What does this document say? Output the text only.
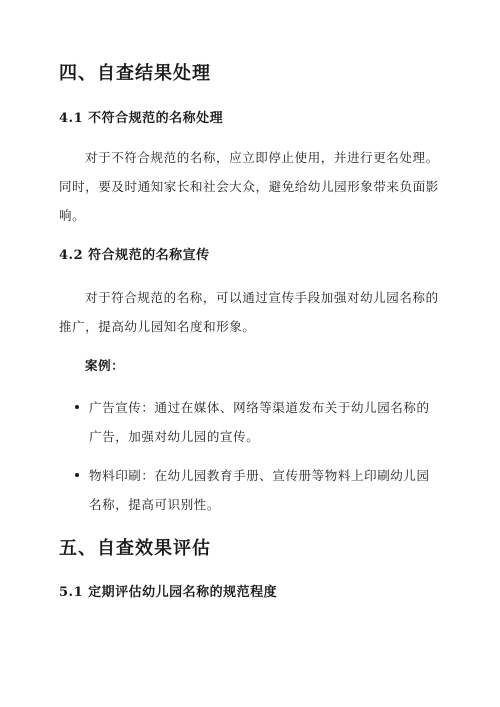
四、自查结果处理
4.1 不符合规范的名称处理

对于不符合规范的名称，应立即停止使用，并进行更名处理。同时，要及时通知家长和社会大众，避免给幼儿园形象带来负面影响。

4.2 符合规范的名称宣传

对于符合规范的名称，可以通过宣传手段加强对幼儿园名称的推广，提高幼儿园知名度和形象。

案例：
广告宣传：通过在媒体、网络等渠道发布关于幼儿园名称的广告，加强对幼儿园的宣传。
物料印刷：在幼儿园教育手册、宣传册等物料上印刷幼儿园名称，提高可识别性。
五、自查效果评估
5.1 定期评估幼儿园名称的规范程度
